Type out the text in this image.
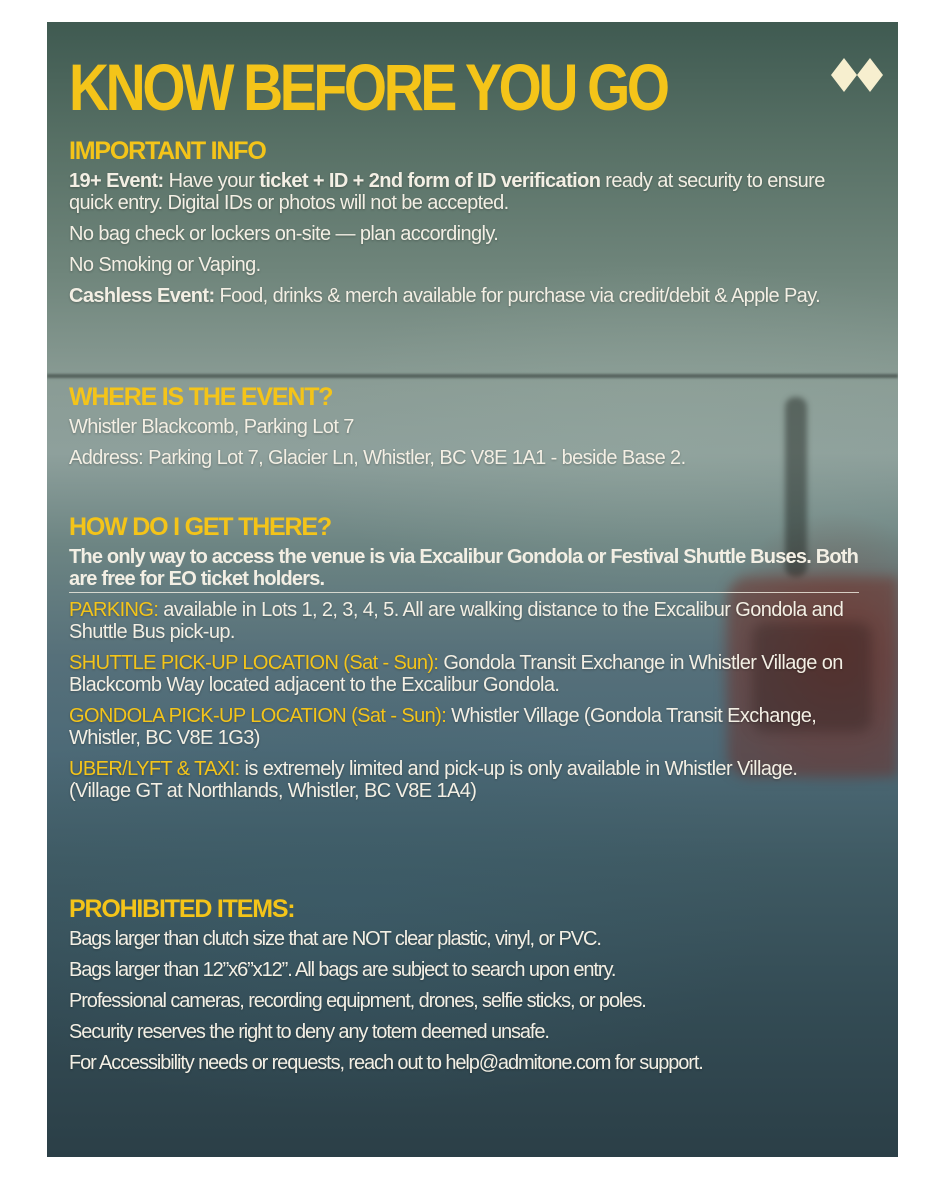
KNOW BEFORE YOU GO
IMPORTANT INFO

19+ Event: Have your ticket + ID + 2nd form of ID verification ready at security to ensure quick entry. Digital IDs or photos will not be accepted.

No bag check or lockers on-site — plan accordingly.

No Smoking or Vaping.

Cashless Event: Food, drinks & merch available for purchase via credit/debit & Apple Pay.

WHERE IS THE EVENT?

Whistler Blackcomb, Parking Lot 7

Address: Parking Lot 7, Glacier Ln, Whistler, BC V8E 1A1 - beside Base 2.

HOW DO I GET THERE?

The only way to access the venue is via Excalibur Gondola or Festival Shuttle Buses. Both are free for EO ticket holders.

PARKING: available in Lots 1, 2, 3, 4, 5. All are walking distance to the Excalibur Gondola and Shuttle Bus pick-up.

SHUTTLE PICK-UP LOCATION (Sat - Sun): Gondola Transit Exchange in Whistler Village on Blackcomb Way located adjacent to the Excalibur Gondola.

GONDOLA PICK-UP LOCATION (Sat - Sun): Whistler Village (Gondola Transit Exchange, Whistler, BC V8E 1G3)

UBER/LYFT & TAXI: is extremely limited and pick-up is only available in Whistler Village. (Village GT at Northlands, Whistler, BC V8E 1A4)

PROHIBITED ITEMS:

Bags larger than clutch size that are NOT clear plastic, vinyl, or PVC.

Bags larger than 12”x6”x12”. All bags are subject to search upon entry.

Professional cameras, recording equipment, drones, selfie sticks, or poles.

Security reserves the right to deny any totem deemed unsafe.

For Accessibility needs or requests, reach out to help@admitone.com for support.
